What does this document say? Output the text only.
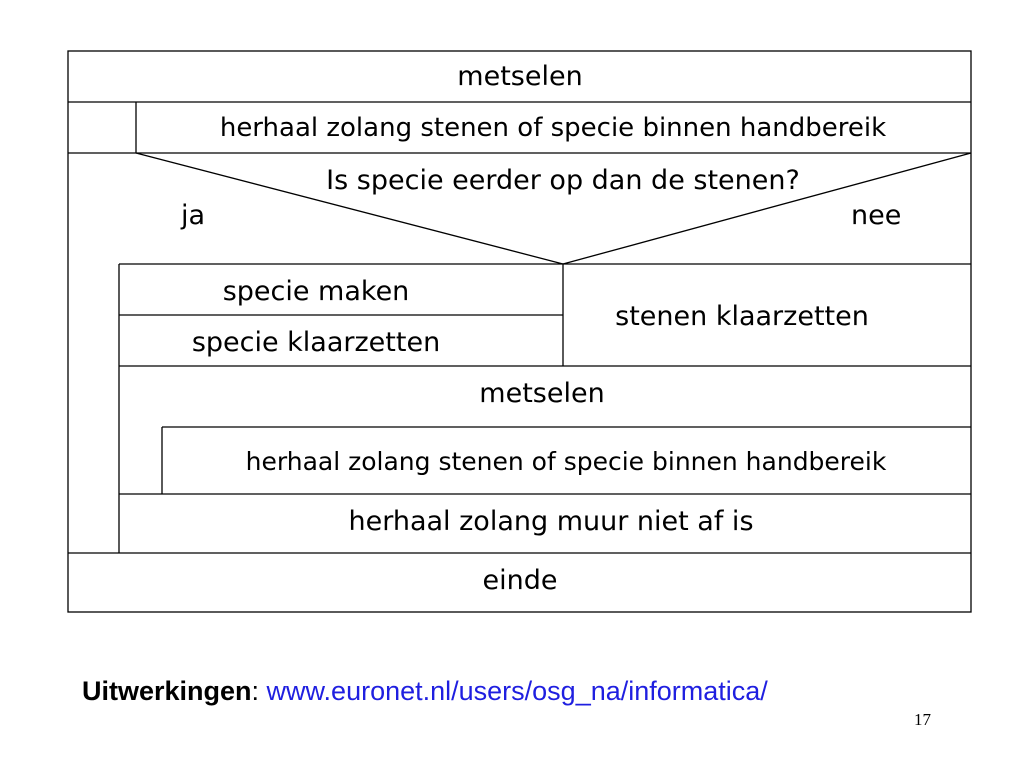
metselen
herhaal zolang stenen of specie binnen handbereik
Is specie eerder op dan de stenen?
ja	nee
specie maken
specie klaarzetten
stenen klaarzetten
metselen
herhaal zolang stenen of specie binnen handbereik
herhaal zolang muur niet af is
einde
Uitwerkingen: www.euronet.nl/users/osg_na/informatica/
17
